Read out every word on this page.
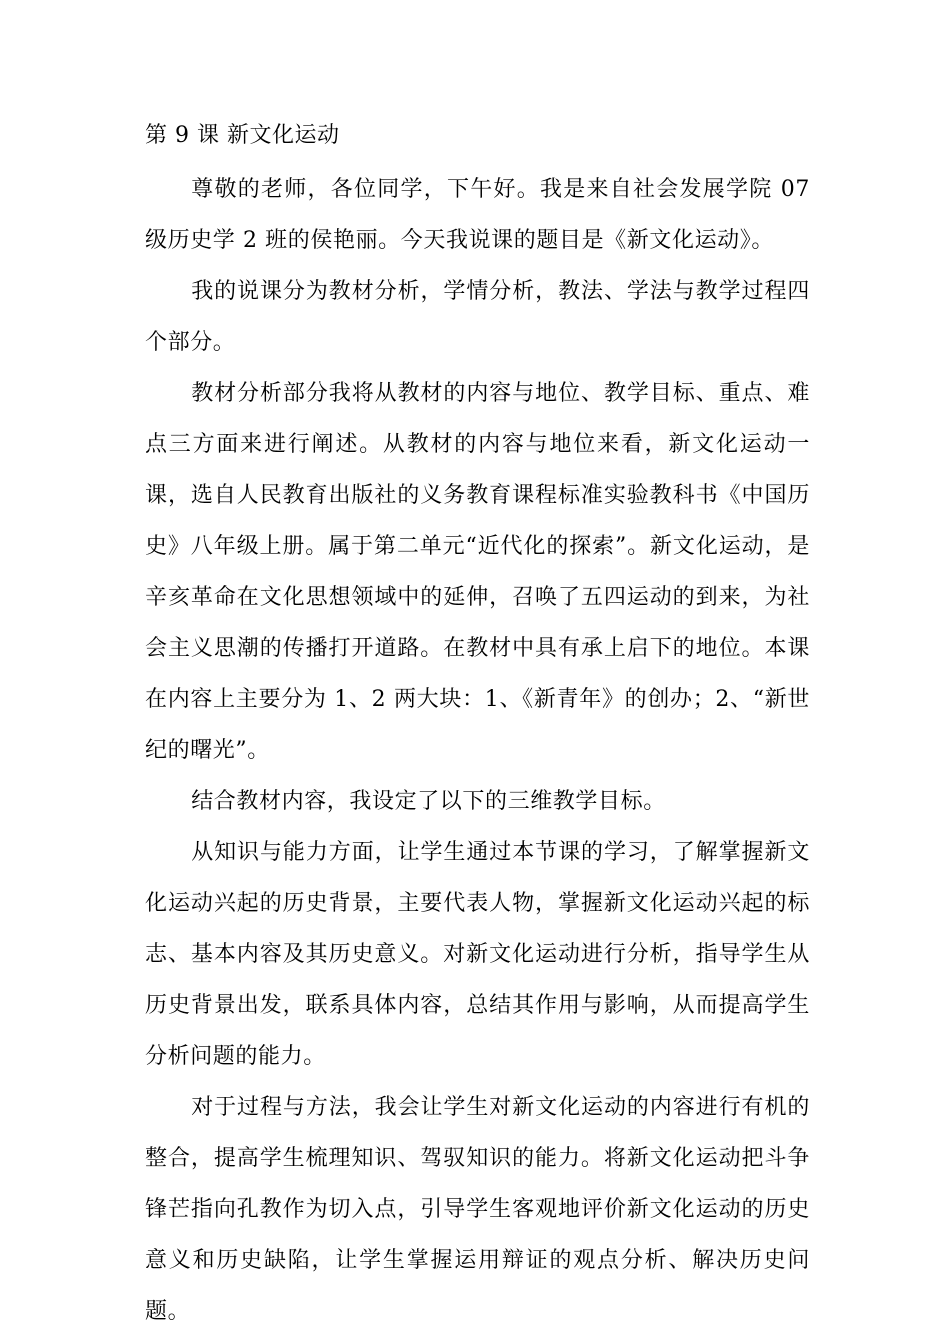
第 9 课 新文化运动

尊敬的老师，各位同学，下午好。我是来自社会发展学院 07 级历史学 2 班的侯艳丽。今天我说课的题目是《新文化运动》。

我的说课分为教材分析，学情分析，教法、学法与教学过程四个部分。

教材分析部分我将从教材的内容与地位、教学目标、重点、难点三方面来进行阐述。从教材的内容与地位来看，新文化运动一课，选自人民教育出版社的义务教育课程标准实验教科书《中国历史》八年级上册。属于第二单元“近代化的探索”。新文化运动，是辛亥革命在文化思想领域中的延伸，召唤了五四运动的到来，为社会主义思潮的传播打开道路。在教材中具有承上启下的地位。本课在内容上主要分为 1、2 两大块：1、《新青年》的创办；2、“新世纪的曙光”。

结合教材内容，我设定了以下的三维教学目标。

从知识与能力方面，让学生通过本节课的学习，了解掌握新文化运动兴起的历史背景，主要代表人物，掌握新文化运动兴起的标志、基本内容及其历史意义。对新文化运动进行分析，指导学生从历史背景出发，联系具体内容，总结其作用与影响，从而提高学生分析问题的能力。

对于过程与方法，我会让学生对新文化运动的内容进行有机的整合，提高学生梳理知识、驾驭知识的能力。将新文化运动把斗争锋芒指向孔教作为切入点，引导学生客观地评价新文化运动的历史意义和历史缺陷，让学生掌握运用辩证的观点分析、解决历史问题。
